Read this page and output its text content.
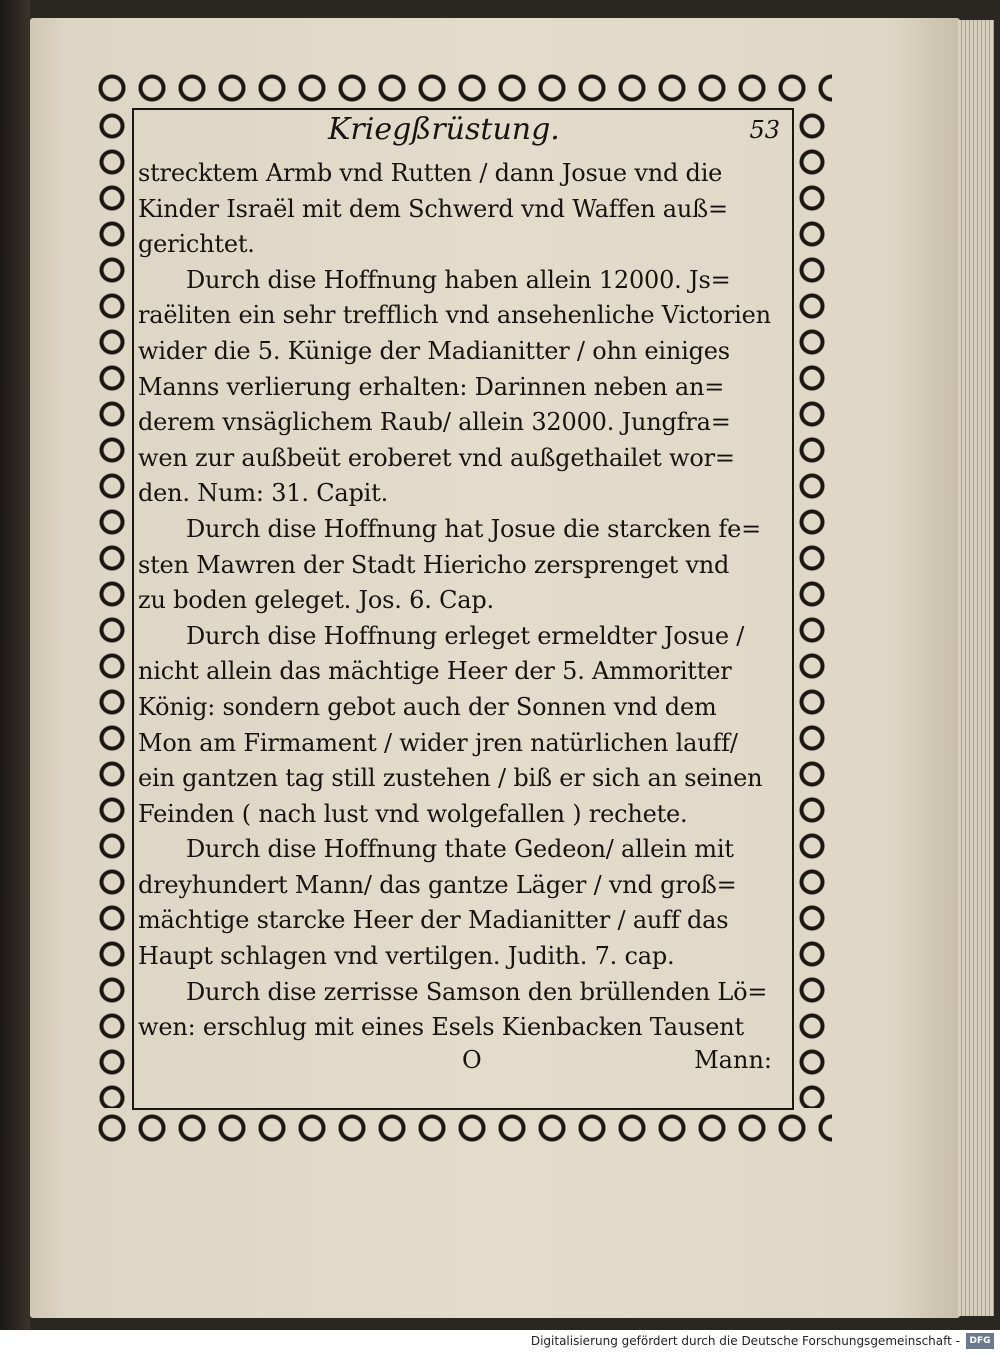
Kriegßrüstung.	53

strecktem Armb vnd Rutten / dann Josue vnd die

Kinder Israël mit dem Schwerd vnd Waffen auß=

gerichtet.

Durch dise Hoffnung haben allein 12000. Js=

raëliten ein sehr trefflich vnd ansehenliche Victorien

wider die 5. Künige der Madianitter / ohn einiges

Manns verlierung erhalten: Darinnen neben an=

derem vnsäglichem Raub/ allein 32000. Jungfra=

wen zur außbeüt eroberet vnd außgethailet wor=

den. Num: 31. Capit.

Durch dise Hoffnung hat Josue die starcken fe=

sten Mawren der Stadt Hiericho zersprenget vnd

zu boden geleget. Jos. 6. Cap.

Durch dise Hoffnung erleget ermeldter Josue /

nicht allein das mächtige Heer der 5. Ammoritter

König: sondern gebot auch der Sonnen vnd dem

Mon am Firmament / wider jren natürlichen lauff/

ein gantzen tag still zustehen / biß er sich an seinen

Feinden ( nach lust vnd wolgefallen ) rechete.

Durch dise Hoffnung thate Gedeon/ allein mit

dreyhundert Mann/ das gantze Läger / vnd groß=

mächtige starcke Heer der Madianitter / auff das

Haupt schlagen vnd vertilgen. Judith. 7. cap.

Durch dise zerrisse Samson den brüllenden Lö=

wen: erschlug mit eines Esels Kienbacken Tausent

O	Mann:
Digitalisierung gefördert durch die Deutsche Forschungsgemeinschaft -	DFG
